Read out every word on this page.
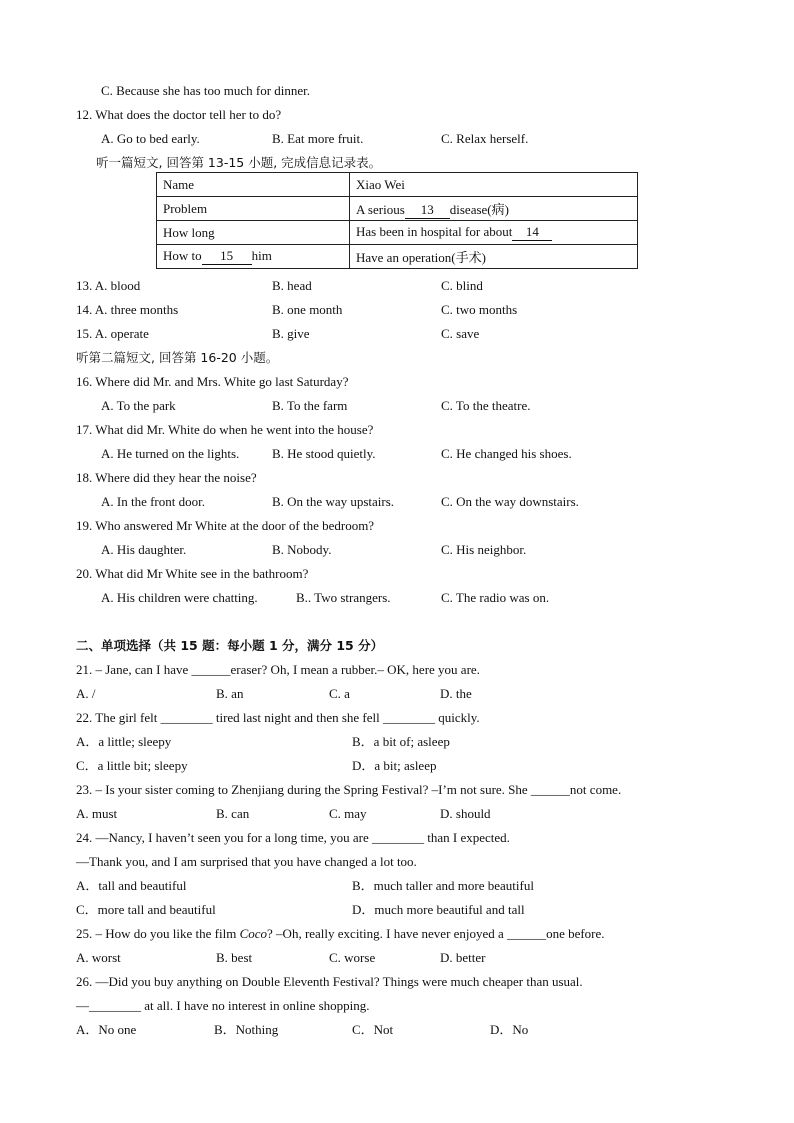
C. Because she has too much for dinner.
12. What does the doctor tell her to do?
A. Go to bed early.	B. Eat more fruit.	C. Relax herself.
听一篇短文, 回答第 13-15 小题, 完成信息记录表。
Name	Xiao Wei
Problem	A serious 13 disease(病)
How long	Has been in hospital for about 14
How to 15 him	Have an operation(手术)
13. A. blood	B. head	C. blind
14. A. three months	B. one month	C. two months
15. A. operate	B. give	C. save
听第二篇短文, 回答第 16-20 小题。
16. Where did Mr. and Mrs. White go last Saturday?
A. To the park	B. To the farm	C. To the theatre.
17. What did Mr. White do when he went into the house?
A. He turned on the lights.	B. He stood quietly.	C. He changed his shoes.
18. Where did they hear the noise?
A. In the front door.	B. On the way upstairs.	C. On the way downstairs.
19. Who answered Mr White at the door of the bedroom?
A. His daughter.	B. Nobody.	C. His neighbor.
20. What did Mr White see in the bathroom?
A. His children were chatting.	B.. Two strangers.	C. The radio was on.
二、单项选择（共 15 题：每小题 1 分，满分 15 分）
21. – Jane, can I have ______eraser? Oh, I mean a rubber.– OK, here you are.
A. /	B. an	C. a	D. the
22. The girl felt ________ tired last night and then she fell ________ quickly.
A．a little; sleepy	B．a bit of; asleep
C．a little bit; sleepy	D．a bit; asleep
23. – Is your sister coming to Zhenjiang during the Spring Festival? –I’m not sure. She ______not come.
A. must	B. can	C. may	D. should
24. —Nancy, I haven’t seen you for a long time, you are ________ than I expected.
—Thank you, and I am surprised that you have changed a lot too.
A．tall and beautiful	B．much taller and more beautiful
C．more tall and beautiful	D．much more beautiful and tall
25. – How do you like the film Coco? –Oh, really exciting. I have never enjoyed a ______one before.
A. worst	B. best	C. worse	D. better
26. —Did you buy anything on Double Eleventh Festival? Things were much cheaper than usual.
—________ at all. I have no interest in online shopping.
A．No one	B．Nothing	C．Not	D．No
